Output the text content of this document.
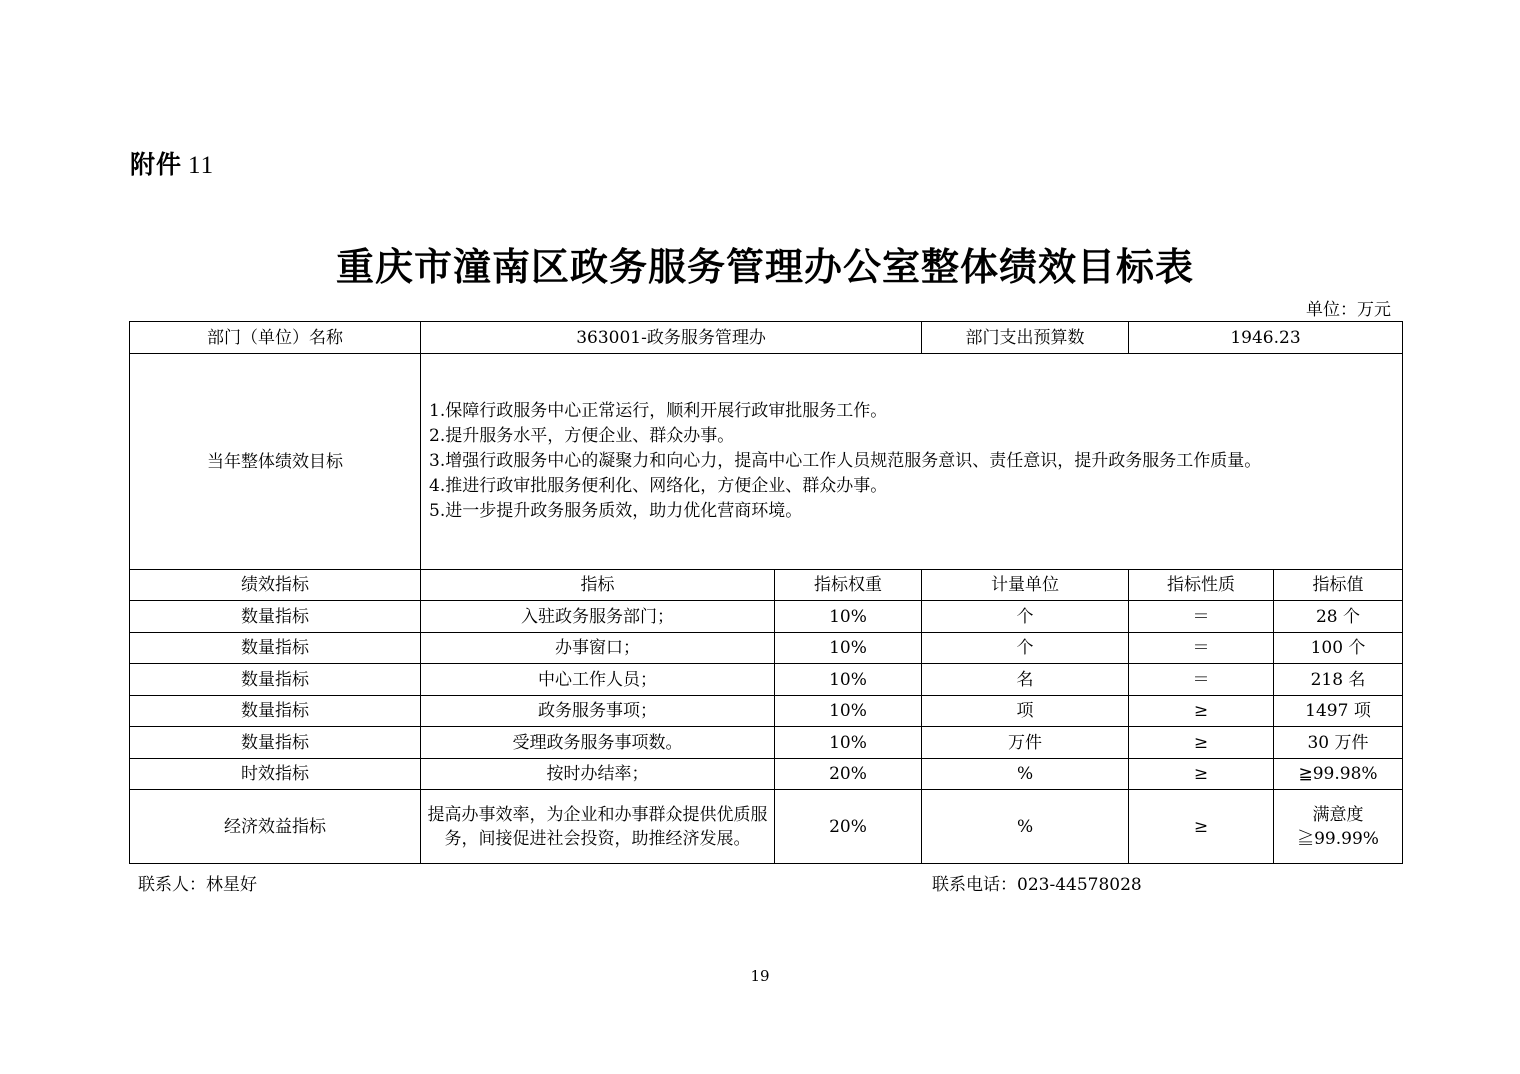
附件 11
重庆市潼南区政务服务管理办公室整体绩效目标表
单位：万元
部门（单位）名称	363001-政务服务管理办		部门支出预算数	1946.23	
当年整体绩效目标	1.保障行政服务中心正常运行，顺利开展行政审批服务工作。
2.提升服务水平，方便企业、群众办事。
3.增强行政服务中心的凝聚力和向心力，提高中心工作人员规范服务意识、责任意识，提升政务服务工作质量。
4.推进行政审批服务便利化、网络化，方便企业、群众办事。
5.进一步提升政务服务质效，助力优化营商环境。				

绩效指标	指标	指标权重	计量单位	指标性质	指标值
数量指标	入驻政务服务部门；	10%	个	＝	28 个
数量指标	办事窗口；	10%	个	＝	100 个
数量指标	中心工作人员；	10%	名	＝	218 名
数量指标	政务服务事项；	10%	项	≥	1497 项
数量指标	受理政务服务事项数。	10%	万件	≥	30 万件
时效指标	按时办结率；	20%	%	≥	≧99.98%
经济效益指标	提高办事效率，为企业和办事群众提供优质服务，间接促进社会投资，助推经济发展。	20%	%	≥	满意度≧99.99%
联系人：林星好	联系电话：023-44578028
19
